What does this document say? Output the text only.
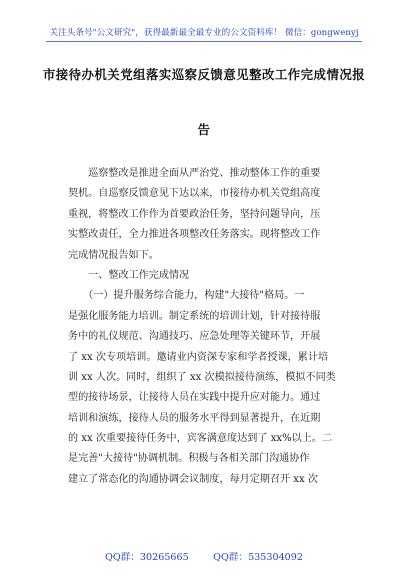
关注头条号"公文研究"，获得最新最全最专业的公文资料库！ 微信：gongwenyj
市接待办机关党组落实巡察反馈意见整改工作完成情况报
告
　　巡察整改是推进全面从严治党、推动整体工作的重要
契机。自巡察反馈意见下达以来，市接待办机关党组高度
重视，将整改工作作为首要政治任务，坚持问题导向，压
实整改责任，全力推进各项整改任务落实。现将整改工作
完成情况报告如下。
　　一、整改工作完成情况
　　（一）提升服务综合能力，构建"大接待"格局。一
是强化服务能力培训。制定系统的培训计划，针对接待服
务中的礼仪规范、沟通技巧、应急处理等关键环节，开展
了 xx 次专项培训。邀请业内资深专家和学者授课，累计培
训 xx 人次。同时，组织了 xx 次模拟接待演练，模拟不同类
型的接待场景，让接待人员在实践中提升应对能力。通过
培训和演练，接待人员的服务水平得到显著提升，在近期
的 xx 次重要接待任务中，宾客满意度达到了 xx%以上。二
是完善"大接待"协调机制。积极与各相关部门沟通协作
建立了常态化的沟通协调会议制度，每月定期召开 xx 次
QQ群：30265665        QQ群：535304092
